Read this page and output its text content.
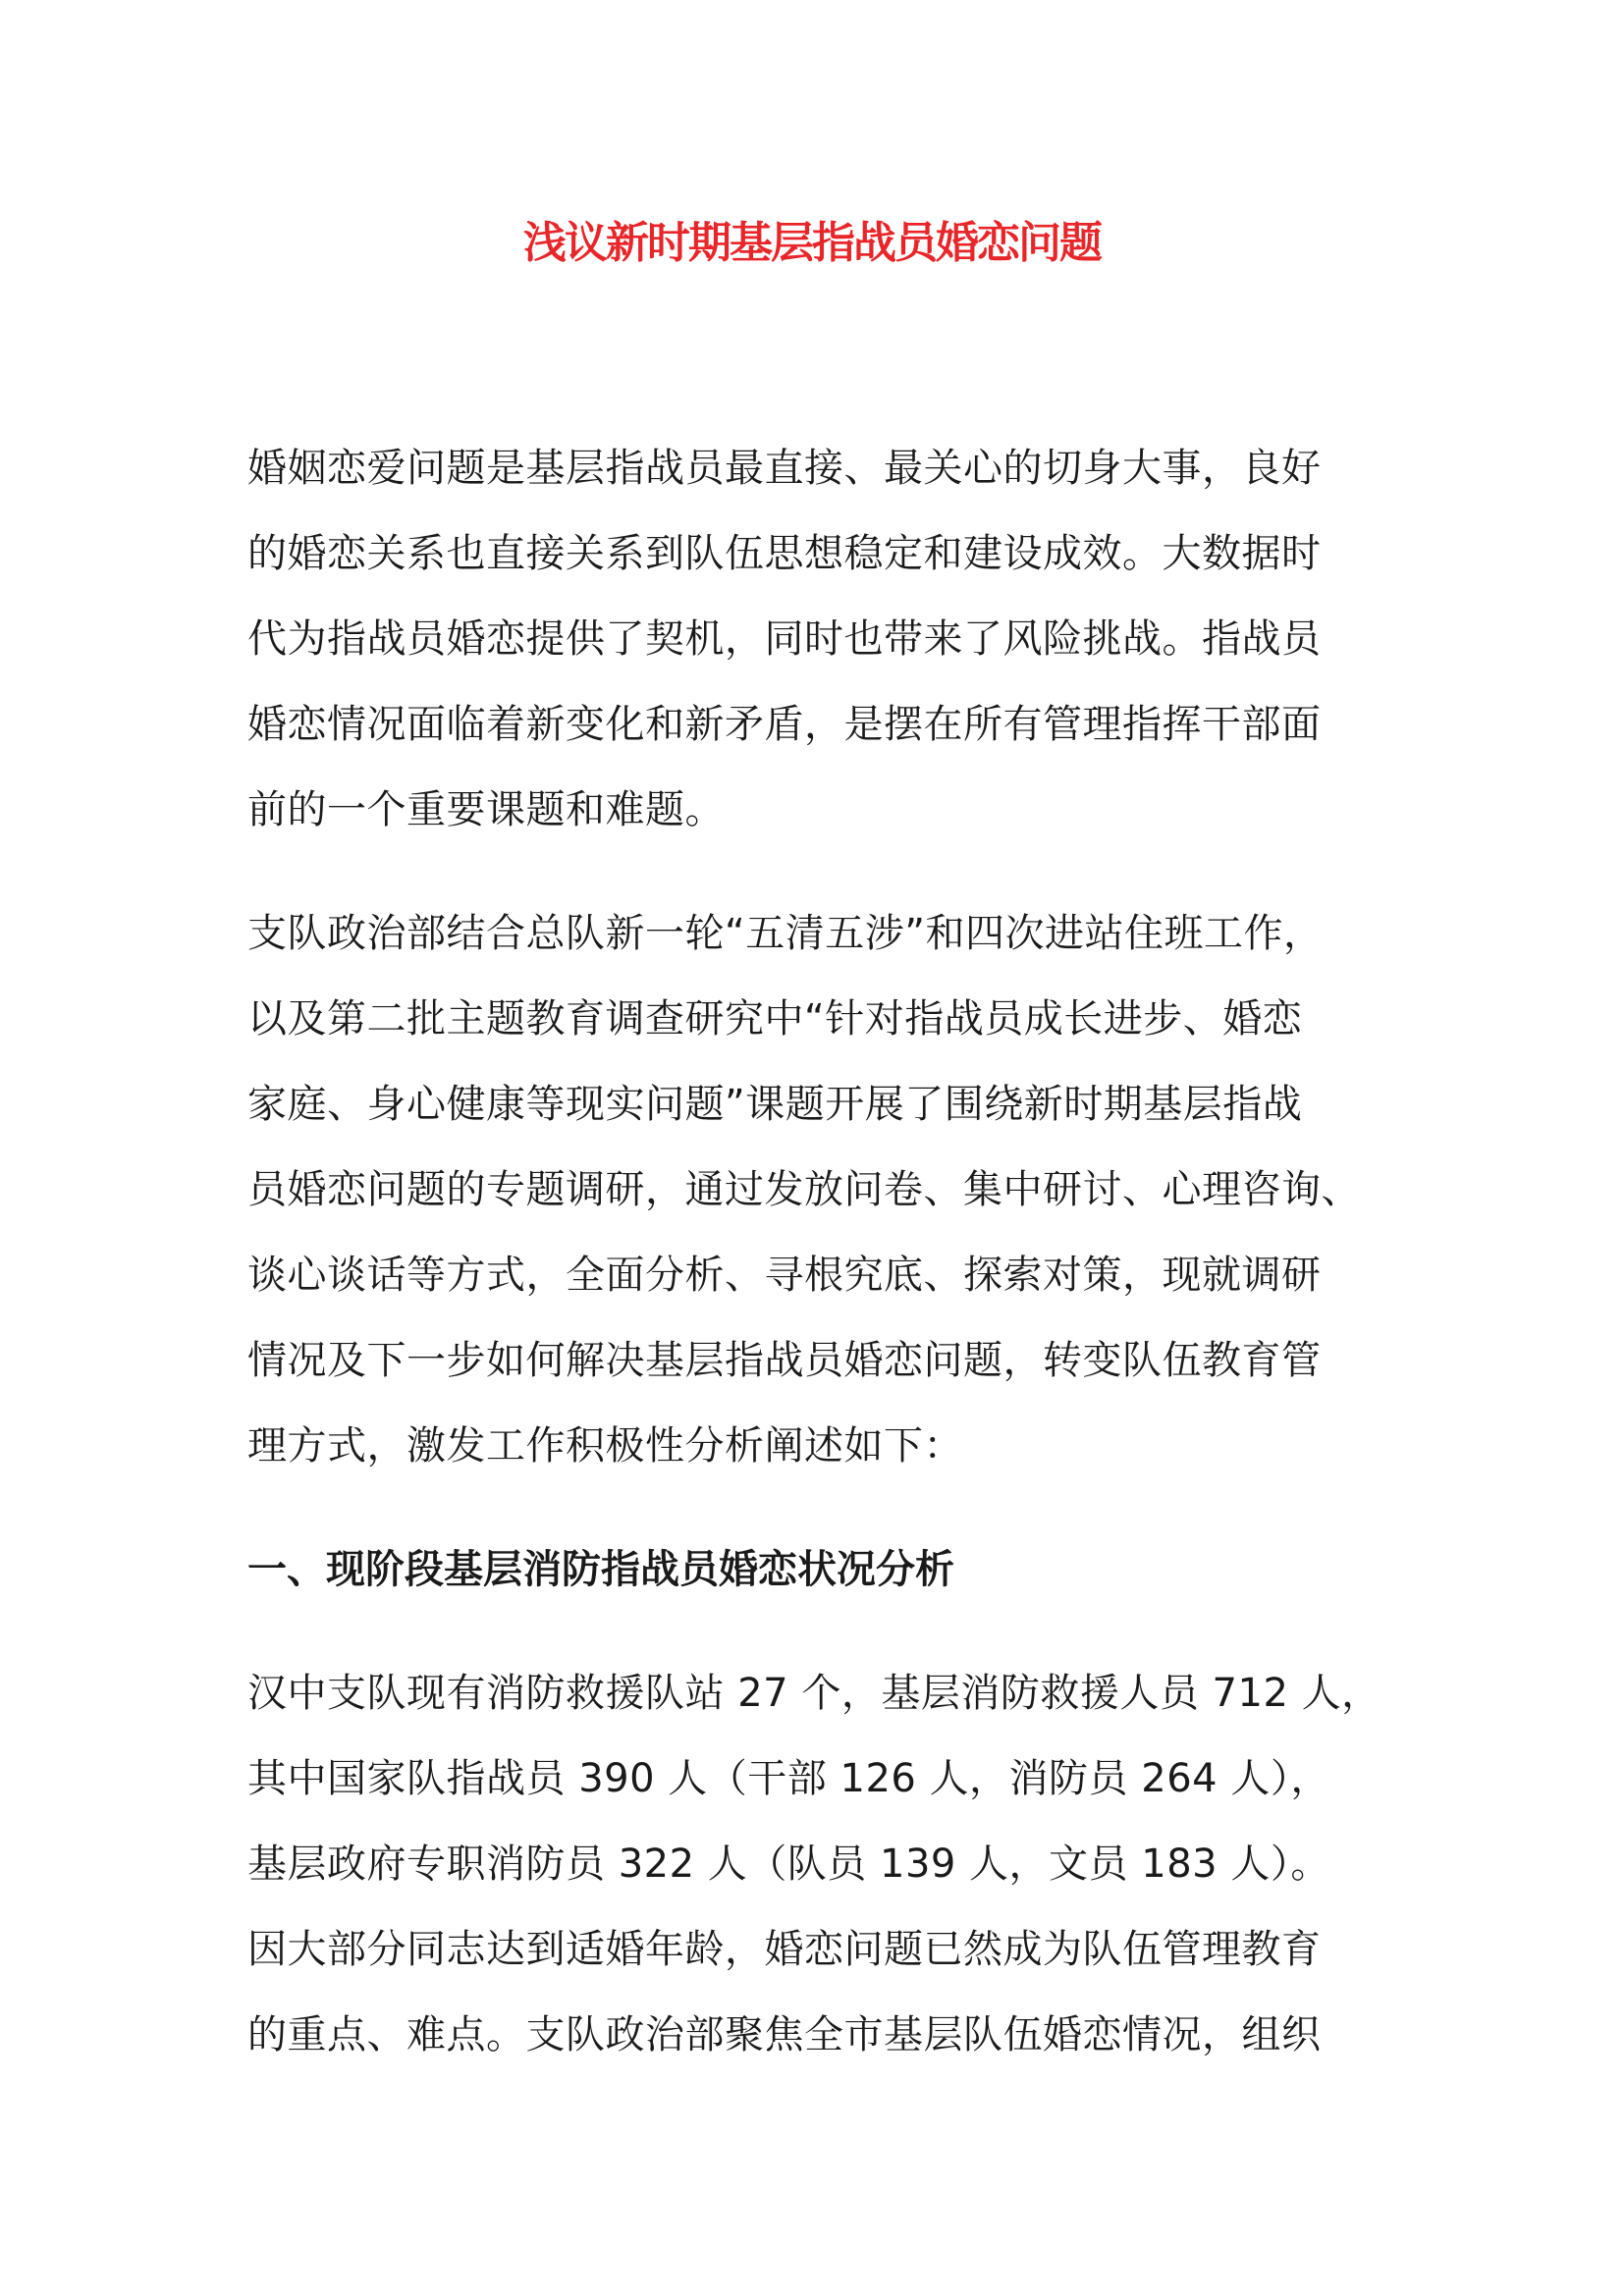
浅议新时期基层指战员婚恋问题
婚姻恋爱问题是基层指战员最直接、最关心的切身大事，良好
的婚恋关系也直接关系到队伍思想稳定和建设成效。大数据时
代为指战员婚恋提供了契机，同时也带来了风险挑战。指战员
婚恋情况面临着新变化和新矛盾，是摆在所有管理指挥干部面
前的一个重要课题和难题。
支队政治部结合总队新一轮“五清五涉”和四次进站住班工作，
以及第二批主题教育调查研究中“针对指战员成长进步、婚恋
家庭、身心健康等现实问题”课题开展了围绕新时期基层指战
员婚恋问题的专题调研，通过发放问卷、集中研讨、心理咨询、
谈心谈话等方式，全面分析、寻根究底、探索对策，现就调研
情况及下一步如何解决基层指战员婚恋问题，转变队伍教育管
理方式，激发工作积极性分析阐述如下：
一、现阶段基层消防指战员婚恋状况分析
汉中支队现有消防救援队站 27 个，基层消防救援人员 712 人，
其中国家队指战员 390 人（干部 126 人，消防员 264 人），
基层政府专职消防员 322 人（队员 139 人，文员 183 人）。
因大部分同志达到适婚年龄，婚恋问题已然成为队伍管理教育
的重点、难点。支队政治部聚焦全市基层队伍婚恋情况，组织
